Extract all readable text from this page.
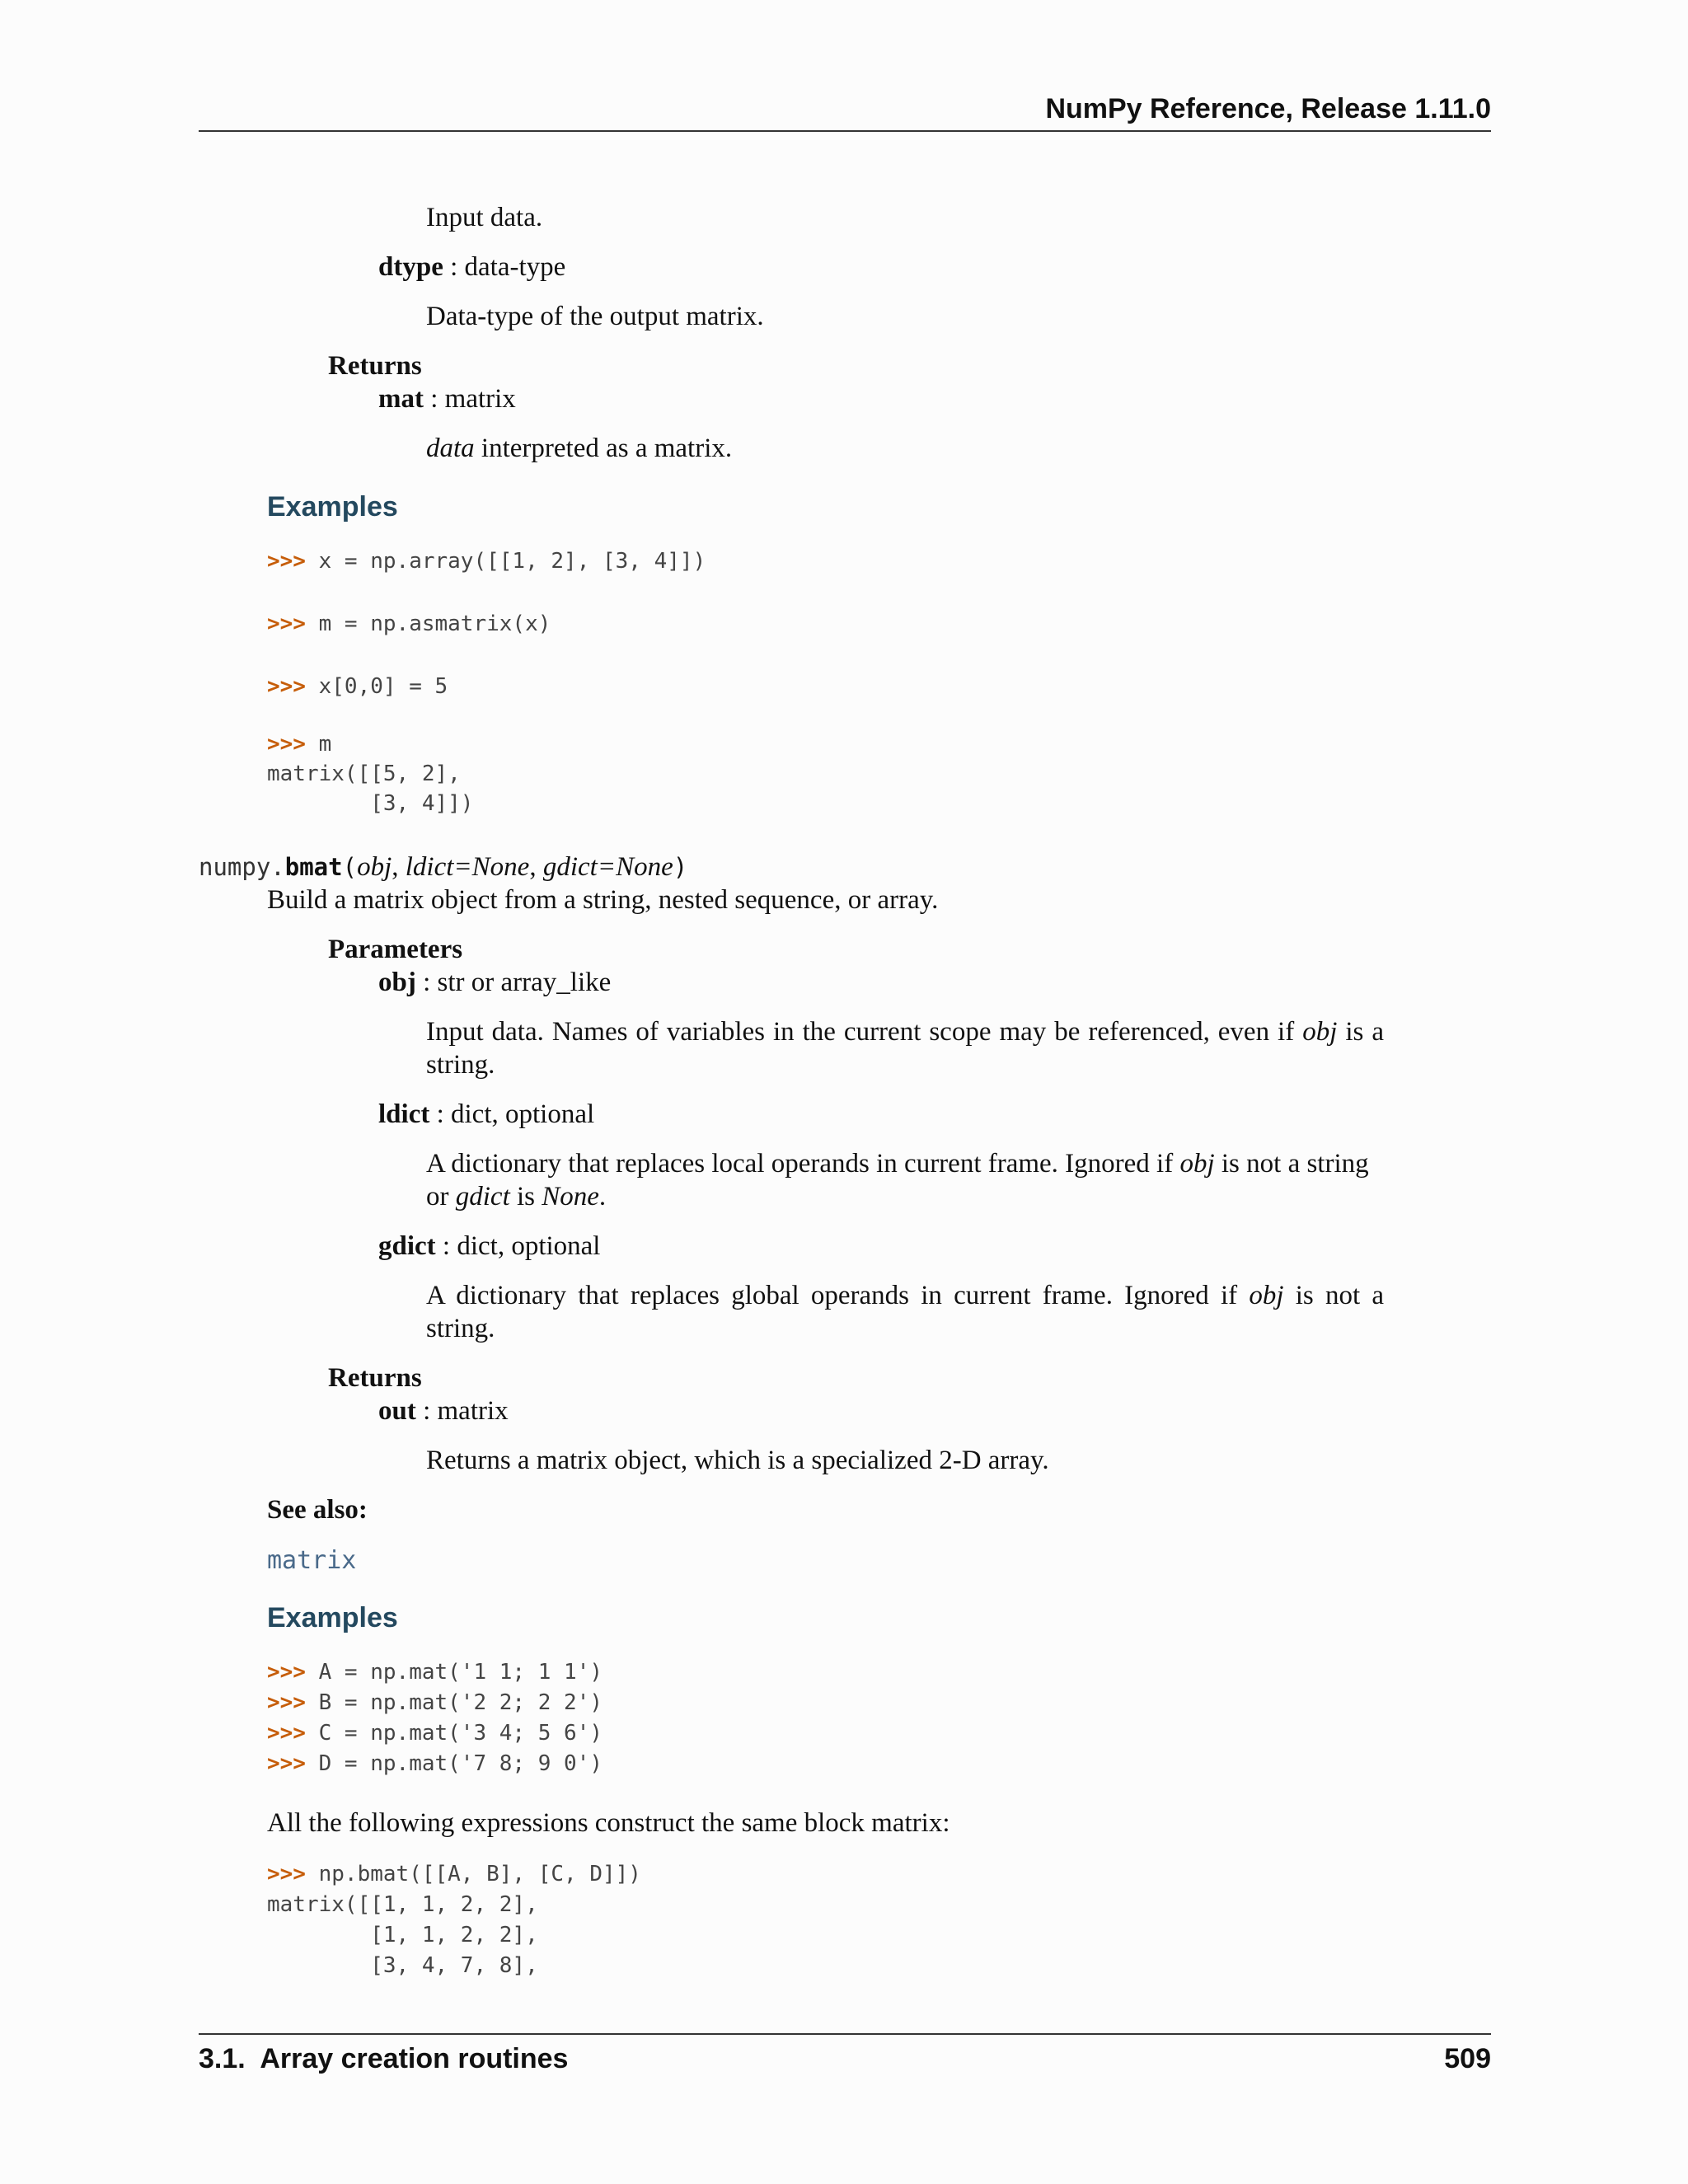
NumPy Reference, Release 1.11.0
Input data.
dtype : data-type
Data-type of the output matrix.
Returns
mat : matrix
data interpreted as a matrix.
Examples
>>> x = np.array([[1, 2], [3, 4]])
>>> m = np.asmatrix(x)
>>> x[0,0] = 5
>>> m
matrix([[5, 2],
[3, 4]])
numpy.bmat(obj, ldict=None, gdict=None)
Build a matrix object from a string, nested sequence, or array.
Parameters
obj : str or array_like
Input data. Names of variables in the current scope may be referenced, even if obj is a string.
ldict : dict, optional
A dictionary that replaces local operands in current frame. Ignored if obj is not a string or gdict is None.
gdict : dict, optional
A dictionary that replaces global operands in current frame. Ignored if obj is not a string.
Returns
out : matrix
Returns a matrix object, which is a specialized 2-D array.
See also:
matrix
Examples
>>> A = np.mat('1 1; 1 1')
>>> B = np.mat('2 2; 2 2')
>>> C = np.mat('3 4; 5 6')
>>> D = np.mat('7 8; 9 0')
All the following expressions construct the same block matrix:
>>> np.bmat([[A, B], [C, D]])
matrix([[1, 1, 2, 2],
[1, 1, 2, 2],
[3, 4, 7, 8],
3.1.  Array creation routines	509
